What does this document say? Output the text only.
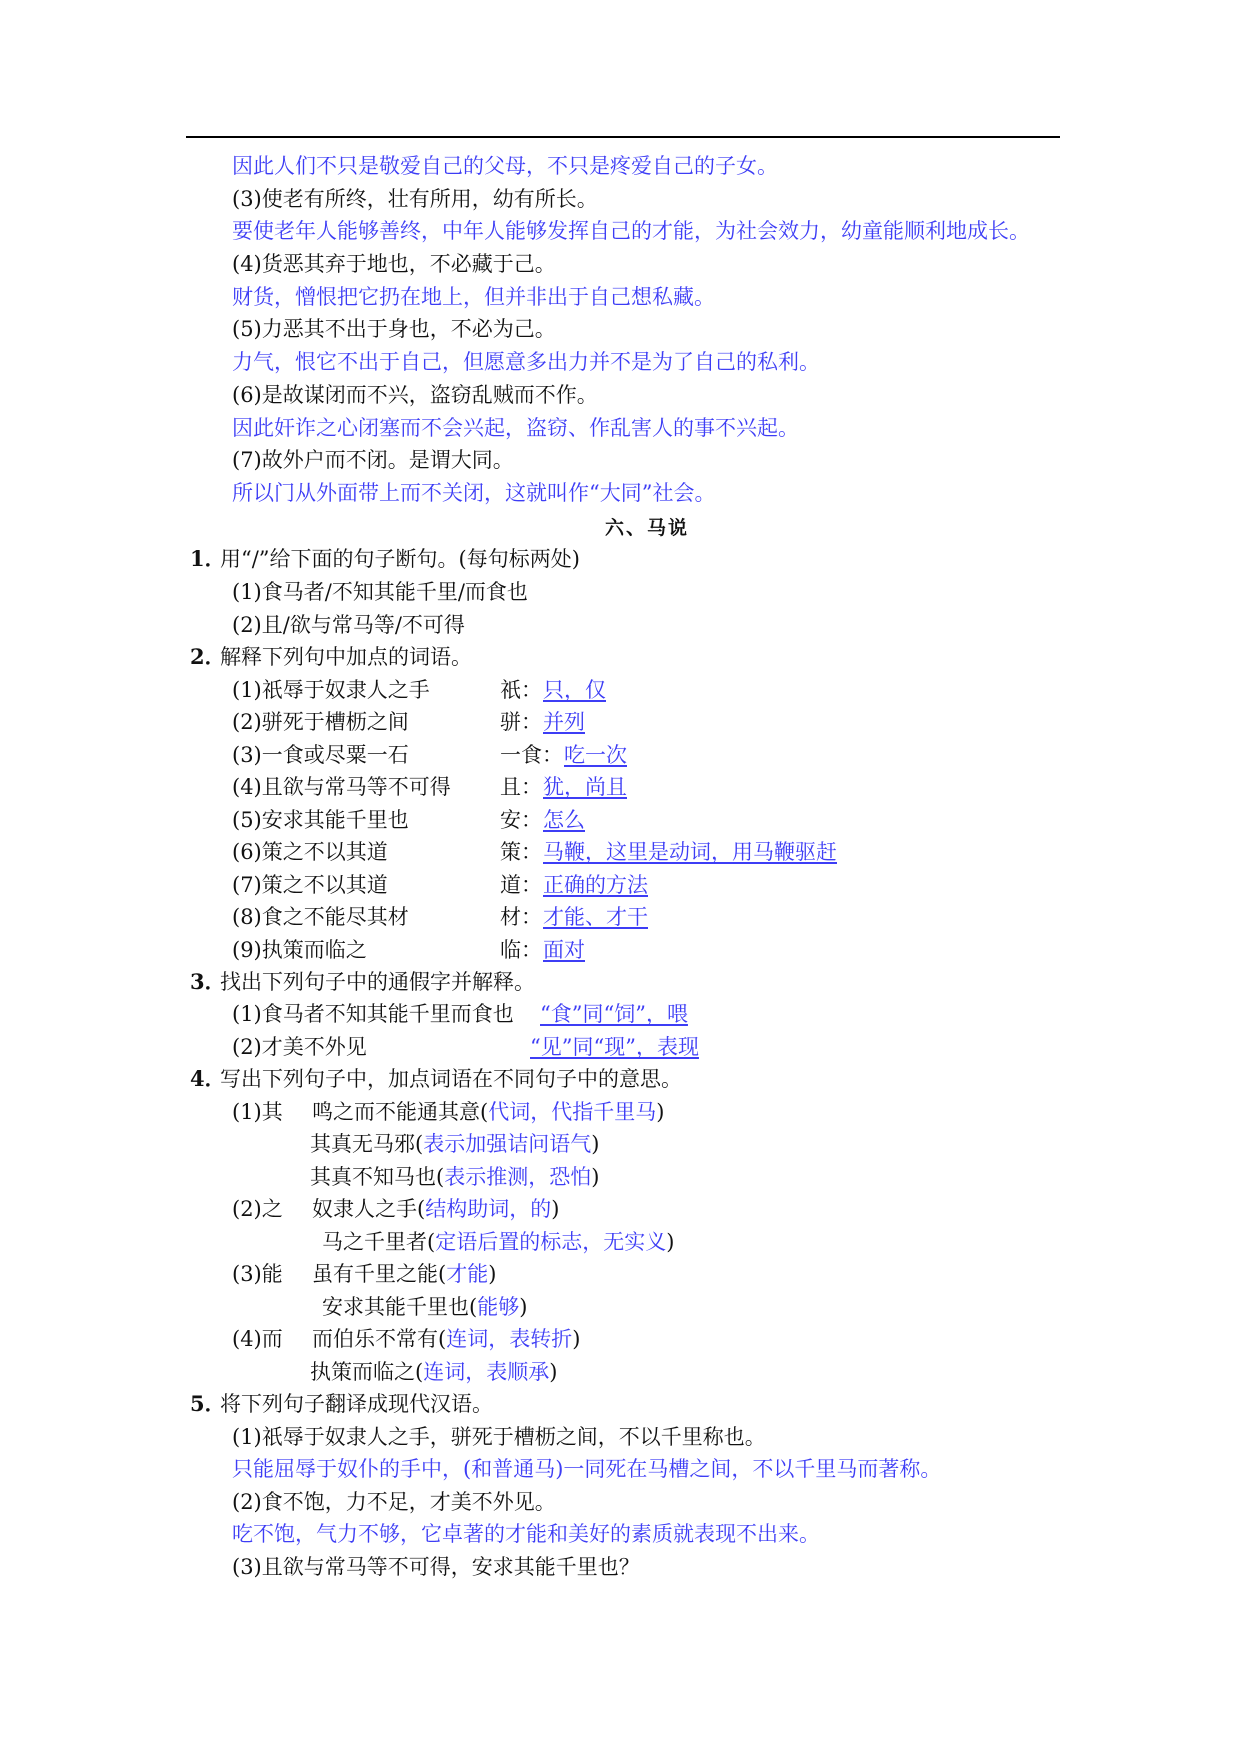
因此人们不只是敬爱自己的父母，不只是疼爱自己的子女。
(3)使老有所终，壮有所用，幼有所长。
要使老年人能够善终，中年人能够发挥自己的才能，为社会效力，幼童能顺利地成长。
(4)货恶其弃于地也，不必藏于己。
财货，憎恨把它扔在地上，但并非出于自己想私藏。
(5)力恶其不出于身也，不必为己。
力气，恨它不出于自己，但愿意多出力并不是为了自己的私利。
(6)是故谋闭而不兴，盗窃乱贼而不作。
因此奸诈之心闭塞而不会兴起，盗窃、作乱害人的事不兴起。
(7)故外户而不闭。是谓大同。
所以门从外面带上而不关闭，这就叫作“大同”社会。
六、马说
1．
用“/”给下面的句子断句。(每句标两处)
(1)食马者/不知其能千里/而食也
(2)且/欲与常马等/不可得
2．
解释下列句中加点的词语。
(1)祇辱于奴隶人之手	祇： 只，仅
(2)骈死于槽枥之间	骈： 并列
(3)一食或尽粟一石	一食： 吃一次
(4)且欲与常马等不可得 且： 犹，尚且
(5)安求其能千里也	安： 怎么
(6)策之不以其道	策： 马鞭，这里是动词，用马鞭驱赶
(7)策之不以其道	道： 正确的方法
(8)食之不能尽其材	材： 才能、才干
(9)执策而临之	临： 面对
3．
找出下列句子中的通假字并解释。
(1)食马者不知其能千里而食也 “食”同“饲”，喂
(2)才美不外见	“见”同“现”，表现
4．
写出下列句子中，加点词语在不同句子中的意思。
(1)其 鸣之而不能通其意(代词，代指千里马)
其真无马邪(表示加强诘问语气)
其真不知马也(表示推测，恐怕)
(2)之 奴隶人之手(结构助词，的)
马之千里者(定语后置的标志，无实义)
(3)能 虽有千里之能(才能)
安求其能千里也(能够)
(4)而 而伯乐不常有(连词，表转折)
执策而临之(连词，表顺承)
5．
将下列句子翻译成现代汉语。
(1)祇辱于奴隶人之手，骈死于槽枥之间，不以千里称也。
只能屈辱于奴仆的手中，(和普通马)一同死在马槽之间，不以千里马而著称。
(2)食不饱，力不足，才美不外见。
吃不饱，气力不够，它卓著的才能和美好的素质就表现不出来。
(3)且欲与常马等不可得，安求其能千里也？
